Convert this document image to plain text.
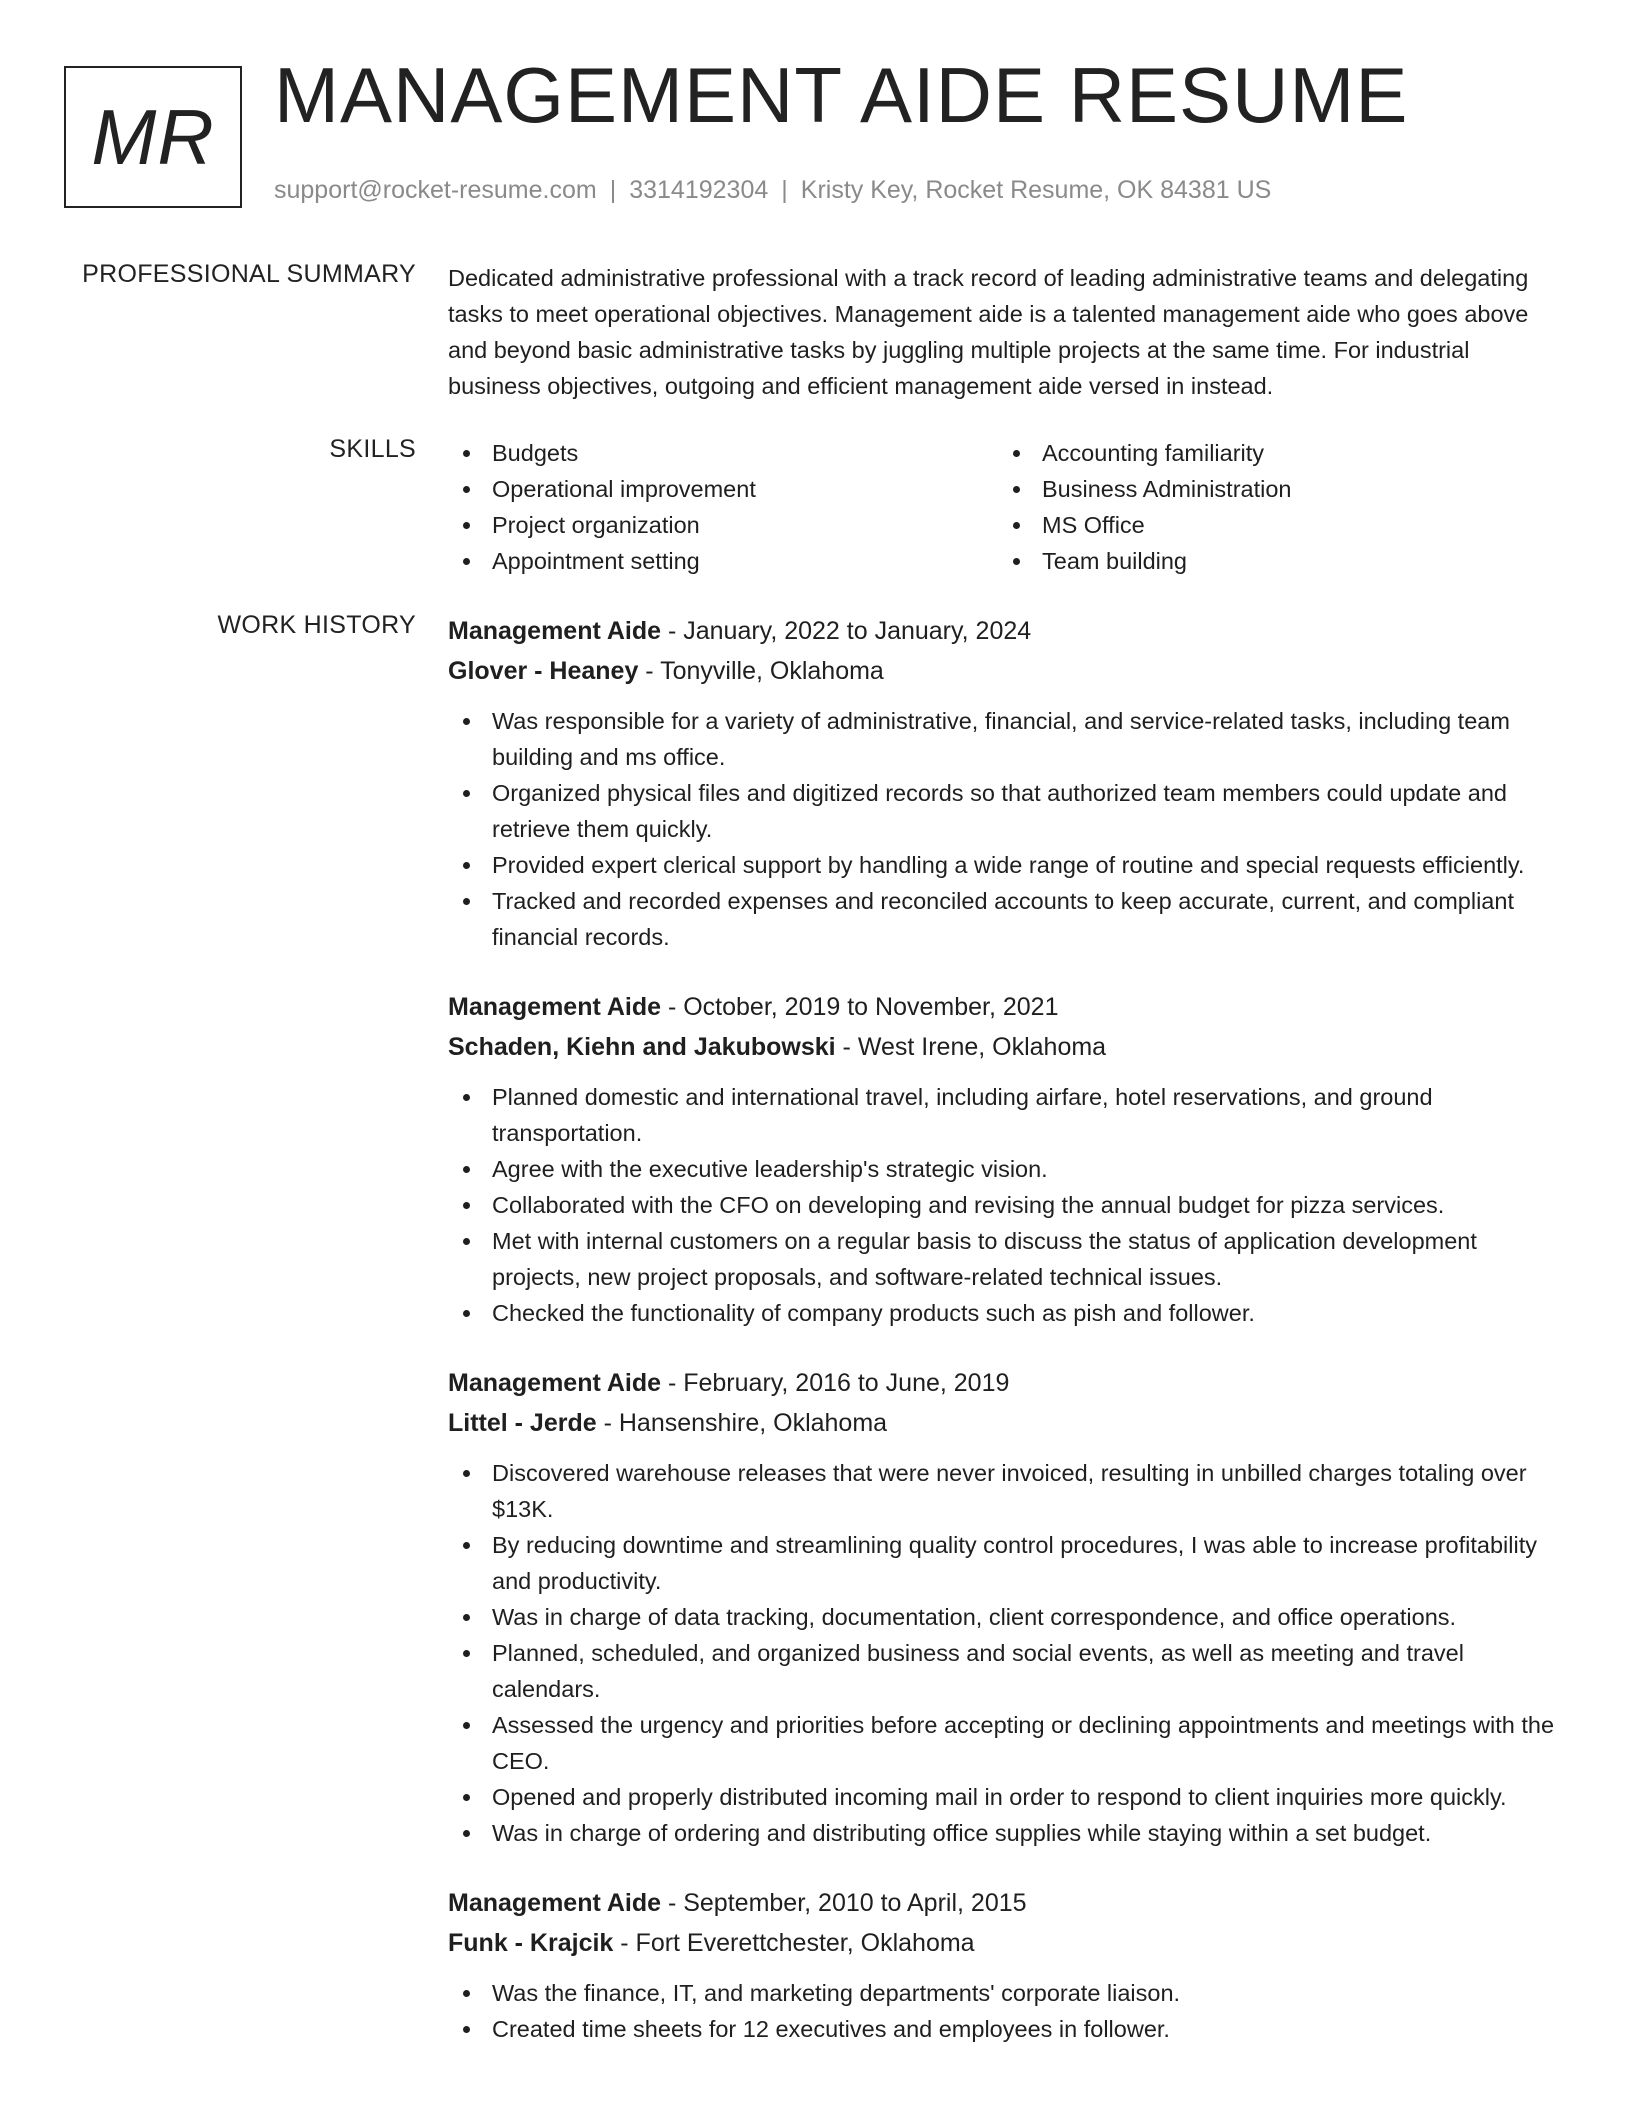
MR MANAGEMENT AIDE RESUME
support@rocket-resume.com | 3314192304 | Kristy Key, Rocket Resume, OK 84381 US
PROFESSIONAL SUMMARY Dedicated administrative professional with a track record of leading administrative teams and delegating tasks to meet operational objectives. Management aide is a talented management aide who goes above and beyond basic administrative tasks by juggling multiple projects at the same time. For industrial business objectives, outgoing and efficient management aide versed in instead.

SKILLS	Budgets
Operational improvement
Project organization
Appointment setting
Accounting familiarity
Business Administration
MS Office
Team building
WORK HISTORY Management Aide - January, 2022 to January, 2024
Glover - Heaney - Tonyville, Oklahoma
Was responsible for a variety of administrative, financial, and service-related tasks, including team building and ms office.
Organized physical files and digitized records so that authorized team members could update and retrieve them quickly.
Provided expert clerical support by handling a wide range of routine and special requests efficiently.
Tracked and recorded expenses and reconciled accounts to keep accurate, current, and compliant financial records.
Management Aide - October, 2019 to November, 2021
Schaden, Kiehn and Jakubowski - West Irene, Oklahoma
Planned domestic and international travel, including airfare, hotel reservations, and ground transportation.
Agree with the executive leadership's strategic vision.
Collaborated with the CFO on developing and revising the annual budget for pizza services.
Met with internal customers on a regular basis to discuss the status of application development projects, new project proposals, and software-related technical issues.
Checked the functionality of company products such as pish and follower.
Management Aide - February, 2016 to June, 2019
Littel - Jerde - Hansenshire, Oklahoma
Discovered warehouse releases that were never invoiced, resulting in unbilled charges totaling over $13K.
By reducing downtime and streamlining quality control procedures, I was able to increase profitability and productivity.
Was in charge of data tracking, documentation, client correspondence, and office operations.
Planned, scheduled, and organized business and social events, as well as meeting and travel calendars.
Assessed the urgency and priorities before accepting or declining appointments and meetings with the CEO.
Opened and properly distributed incoming mail in order to respond to client inquiries more quickly.
Was in charge of ordering and distributing office supplies while staying within a set budget.
Management Aide - September, 2010 to April, 2015
Funk - Krajcik - Fort Everettchester, Oklahoma
Was the finance, IT, and marketing departments' corporate liaison.
Created time sheets for 12 executives and employees in follower.
